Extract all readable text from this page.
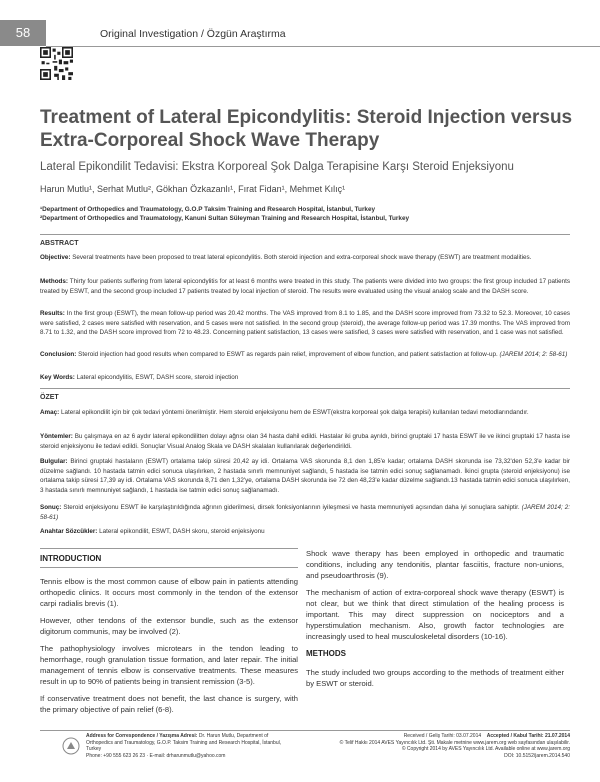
58	Original Investigation / Özgün Araştırma
Treatment of Lateral Epicondylitis: Steroid Injection versus Extra-Corporeal Shock Wave Therapy
Lateral Epikondilit Tedavisi: Ekstra Korporeal Şok Dalga Terapisine Karşı Steroid Enjeksiyonu
Harun Mutlu¹, Serhat Mutlu², Gökhan Özkazanlı¹, Fırat Fidan¹, Mehmet Kılıç¹
¹Department of Orthopedics and Traumatology, G.O.P Taksim Training and Research Hospital, İstanbul, Turkey
²Department of Orthopedics and Traumatology, Kanuni Sultan Süleyman Training and Research Hospital, İstanbul, Turkey
ABSTRACT
Objective: Several treatments have been proposed to treat lateral epicondylitis. Both steroid injection and extra-corporeal shock wave therapy (ESWT) are treatment modalities.
Methods: Thirty four patients suffering from lateral epicondylitis for at least 6 months were treated in this study. The patients were divided into two groups: the first group included 17 patients treated by ESWT, and the second group included 17 patients treated by local injection of steroid. The results were evaluated using the visual analog scale and the DASH score.
Results: In the first group (ESWT), the mean follow-up period was 20.42 months. The VAS improved from 8.1 to 1.85, and the DASH score improved from 73.32 to 52.3. Moreover, 10 cases were satisfied, 2 cases were satisfied with reservation, and 5 cases were not satisfied. In the second group (steroid), the average follow-up period was 17.39 months. The VAS improved from 8.71 to 1.32, and the DASH score improved from 72 to 48.23. Concerning patient satisfaction, 13 cases were satisfied, 3 cases were satisfied with reservation, and 1 case was not satisfied.
Conclusion: Steroid injection had good results when compared to ESWT as regards pain relief, improvement of elbow function, and patient satisfaction at follow-up. (JAREM 2014; 2: 58-61)
Key Words: Lateral epicondylitis, ESWT, DASH score, steroid injection
ÖZET
Amaç: Lateral epikondilit için bir çok tedavi yöntemi önerilmiştir. Hem steroid enjeksiyonu hem de ESWT(ekstra korporeal şok dalga terapisi) kullanılan tedavi metodlarındandır.
Yöntemler: Bu çalışmaya en az 6 aydır lateral epikondilitten dolayı ağrısı olan 34 hasta dahil edildi. Hastalar iki gruba ayrıldı, birinci gruptaki 17 hasta ESWT ile ve ikinci gruptaki 17 hasta ise steroid enjeksiyonu ile tedavi edildi. Sonuçlar Visual Analog Skala ve DASH skalaları kullanılarak değerlendirildi.
Bulgular: Birinci gruptaki hastaların (ESWT) ortalama takip süresi 20,42 ay idi. Ortalama VAS skorunda 8,1 den 1,85'e kadar; ortalama DASH skorunda ise 73,32'den 52,3'e kadar bir düzelme sağlandı. 10 hastada tatmin edici sonuca ulaşılırken, 2 hastada sınırlı memnuniyet sağlandı, 5 hastada ise tatmin edici sonuç sağlanamadı. İkinci grupta (steroid enjeksiyonu) ise ortalama takip süresi 17,39 ay idi. Ortalama VAS skorunda 8,71 den 1,32'ye, ortalama DASH skorunda ise 72 den 48,23'e kadar düzelme sağlandı.13 hastada tatmin edici sonuca ulaşılırken, 3 hastada sınırlı memnuniyet sağlandı, 1 hastada ise tatmin edici sonuç sağlanamadı.
Sonuç: Steroid enjeksiyonu ESWT ile karşılaştırıldığında ağrının giderilmesi, dirsek fonksiyonlarının iyileşmesi ve hasta memnuniyeti açısından daha iyi sonuçlara sahiptir. (JAREM 2014; 2: 58-61)
Anahtar Sözcükler: Lateral epikondilit, ESWT, DASH skoru, steroid enjeksiyonu
INTRODUCTION

Tennis elbow is the most common cause of elbow pain in patients attending orthopedic clinics. It occurs most commonly in the tendon of the extensor carpi radialis brevis (1).

However, other tendons of the extensor bundle, such as the extensor digitorum communis, may be involved (2).

The pathophysiology involves microtears in the tendon leading to hemorrhage, rough granulation tissue formation, and later repair. The initial management of tennis elbow is conservative treatments. These measures result in up to 90% of patients being in transient remission (3-5).

If conservative treatment does not benefit, the last chance is surgery, with the primary objective of pain relief (6-8).

Shock wave therapy has been employed in orthopedic and traumatic conditions, including any tendonitis, plantar fasciitis, fracture non-unions, and pseudoarthrosis (9).

The mechanism of action of extra-corporeal shock wave therapy (ESWT) is not clear, but we think that direct stimulation of the healing process is important. This may direct suppression on nociceptors and a hyperstimulation mechanism. Also, growth factor technologies are increasingly used to heal musculoskeletal disorders (10-16).

METHODS

The study included two groups according to the methods of treatment either by ESWT or steroid.

Address for Correspondence / Yazışma Adresi: Dr. Harun Mutlu, Department of Orthopedics and Traumatology, G.O.P. Taksim Training and Research Hospital, İstanbul, Turkey
Phone: +90 555 623 26 23 · E-mail: drharunmutlu@yahoo.com
Received / Geliş Tarihi: 03.07.2014 Accepted / Kabul Tarihi: 21.07.2014
© Telif Hakkı 2014 AVES Yayıncılık Ltd. Şti. Makale metnine www.jarem.org web sayfasından ulaşılabilir.
© Copyright 2014 by AVES Yayıncılık Ltd. Available online at www.jarem.org
DOI: 10.5152/jarem.2014.540
